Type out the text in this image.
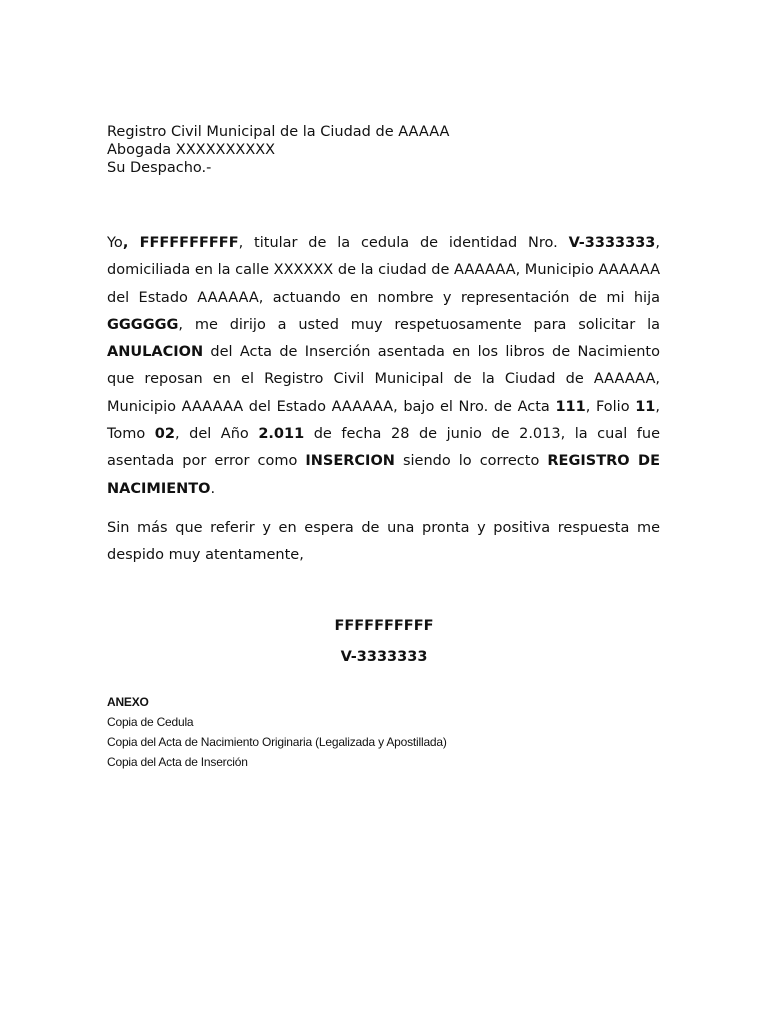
Registro Civil Municipal de la Ciudad de AAAAA
Abogada XXXXXXXXXX
Su Despacho.-

Yo, FFFFFFFFFF, titular de la cedula de identidad Nro. V-3333333, domiciliada en la calle XXXXXX de la ciudad de AAAAAA, Municipio AAAAAA del Estado AAAAAA, actuando en nombre y representación de mi hija GGGGGG, me dirijo a usted muy respetuosamente para solicitar la ANULACION del Acta de Inserción asentada en los libros de Nacimiento que reposan en el Registro Civil Municipal de la Ciudad de AAAAAA, Municipio AAAAAA del Estado AAAAAA, bajo el Nro. de Acta 111, Folio 11, Tomo 02, del Año 2.011 de fecha 28 de junio de 2.013, la cual fue asentada por error como INSERCION siendo lo correcto REGISTRO DE NACIMIENTO.

Sin más que referir y en espera de una pronta y positiva respuesta me despido muy atentamente,

FFFFFFFFFF
V-3333333
ANEXO
Copia de Cedula
Copia del Acta de Nacimiento Originaria (Legalizada y Apostillada)
Copia del Acta de Inserción
